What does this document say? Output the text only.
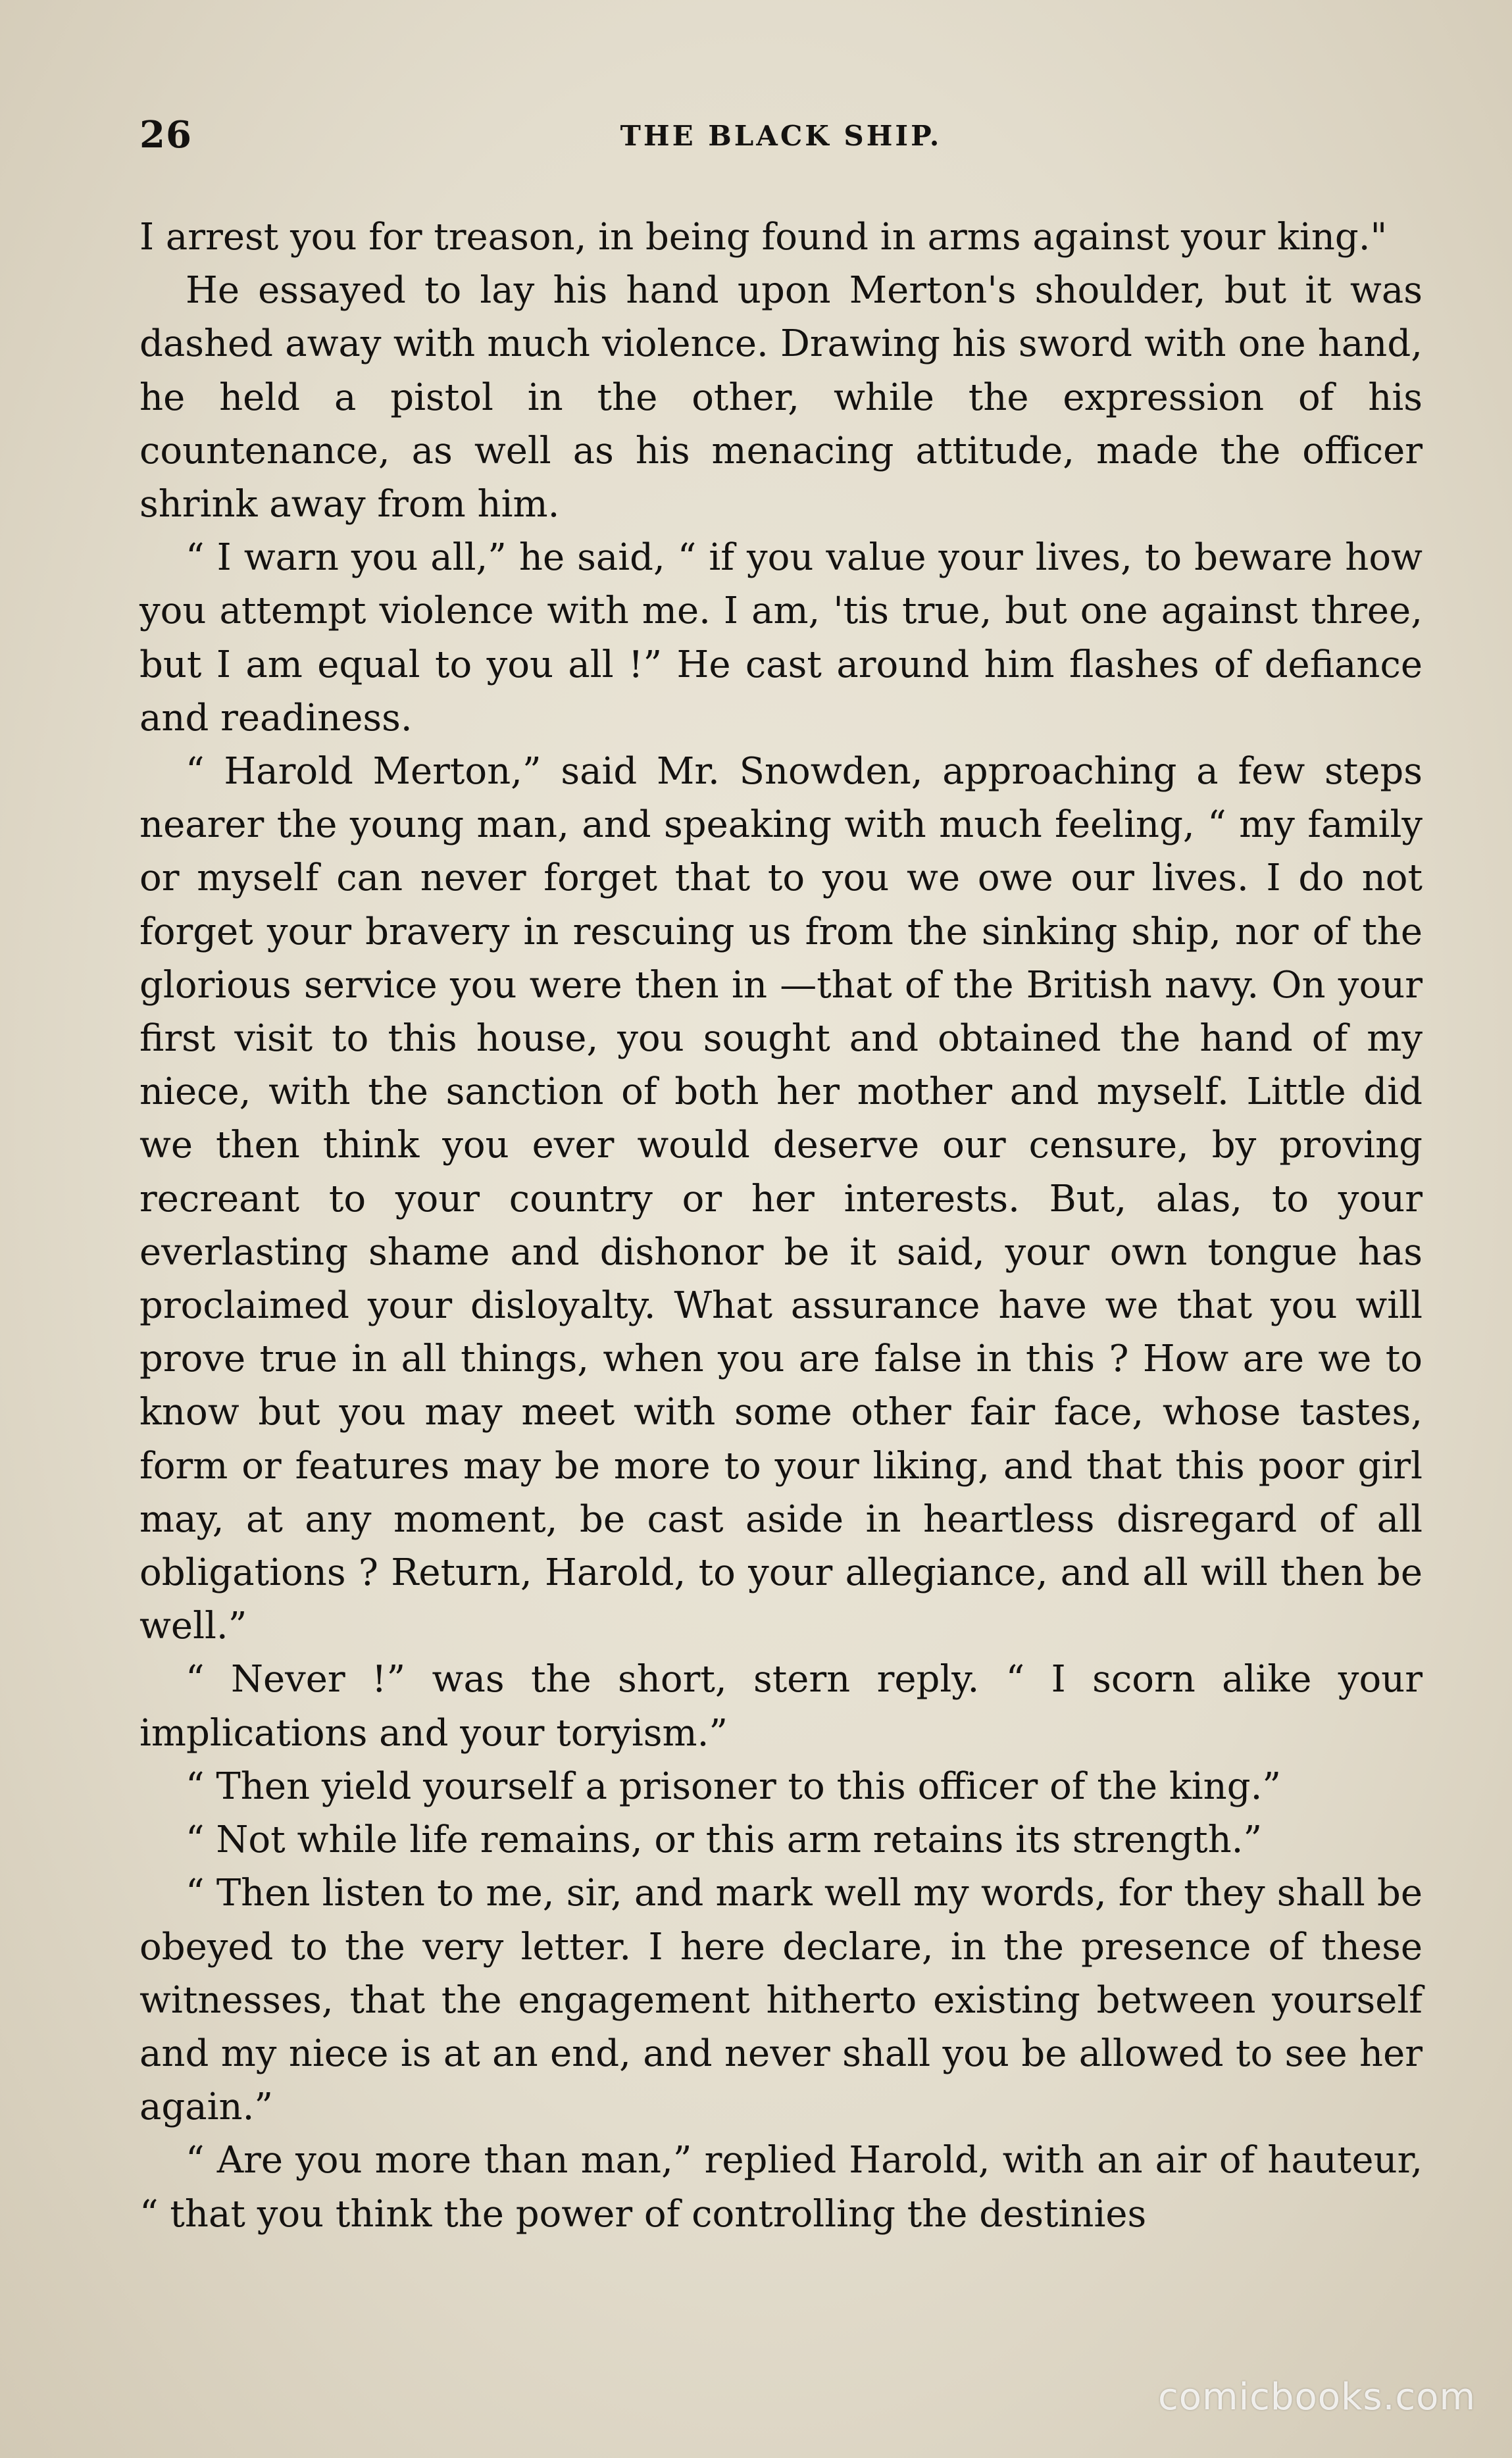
26	THE BLACK SHIP.

I arrest you for treason, in being found in arms against your king."

He essayed to lay his hand upon Merton's shoulder, but it was dashed away with much violence. Drawing his sword with one hand, he held a pistol in the other, while the expression of his countenance, as well as his menacing attitude, made the officer shrink away from him.

“ I warn you all,” he said, “ if you value your lives, to beware how you attempt violence with me. I am, 'tis true, but one against three, but I am equal to you all !” He cast around him flashes of defiance and readiness.

“ Harold Merton,” said Mr. Snowden, approaching a few steps nearer the young man, and speaking with much feeling, “ my family or myself can never forget that to you we owe our lives. I do not forget your bravery in rescuing us from the sinking ship, nor of the glorious service you were then in —that of the British navy. On your first visit to this house, you sought and obtained the hand of my niece, with the sanction of both her mother and myself. Little did we then think you ever would deserve our censure, by proving recreant to your country or her interests. But, alas, to your everlasting shame and dishonor be it said, your own tongue has proclaimed your disloyalty. What assurance have we that you will prove true in all things, when you are false in this ? How are we to know but you may meet with some other fair face, whose tastes, form or features may be more to your liking, and that this poor girl may, at any moment, be cast aside in heartless disregard of all obligations ? Return, Harold, to your allegiance, and all will then be well.”

“ Never !” was the short, stern reply. “ I scorn alike your implications and your toryism.”

“ Then yield yourself a prisoner to this officer of the king.”

“ Not while life remains, or this arm retains its strength.”

“ Then listen to me, sir, and mark well my words, for they shall be obeyed to the very letter. I here declare, in the presence of these witnesses, that the engagement hitherto existing between yourself and my niece is at an end, and never shall you be allowed to see her again.”

“ Are you more than man,” replied Harold, with an air of hauteur, “ that you think the power of controlling the destinies

comicbooks.com
